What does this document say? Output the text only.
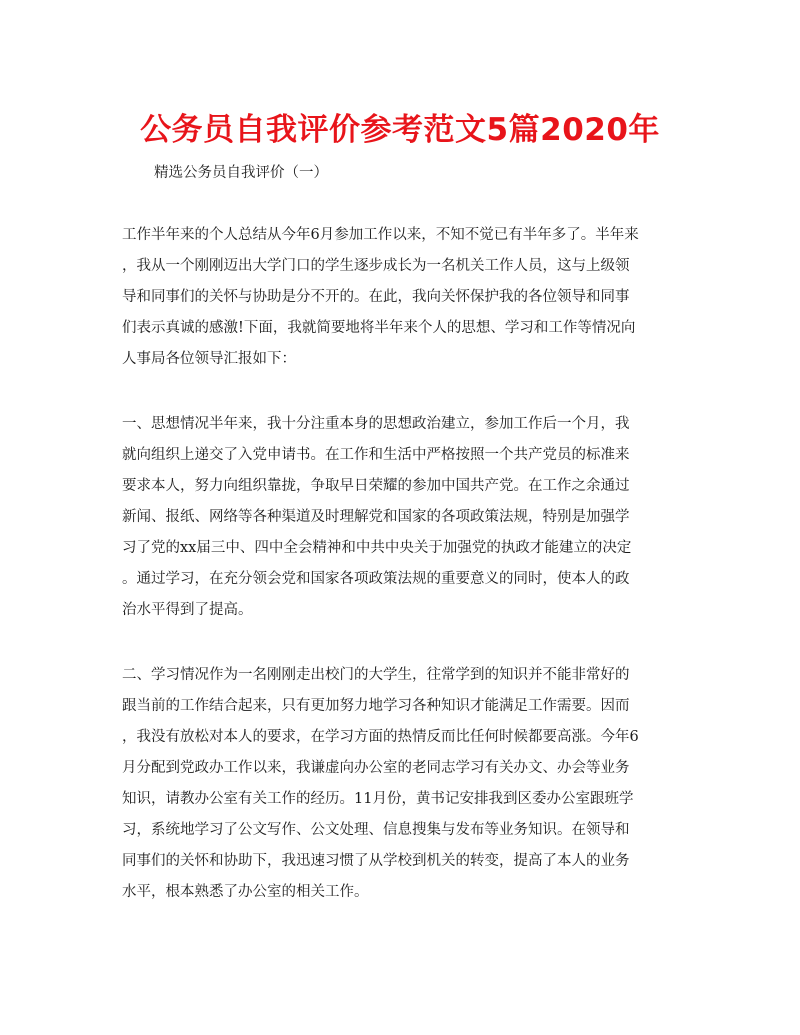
公务员自我评价参考范文5篇2020年
精选公务员自我评价（一）
工作半年来的个人总结从今年6月参加工作以来，不知不觉已有半年多了。半年来
，我从一个刚刚迈出大学门口的学生逐步成长为一名机关工作人员，这与上级领
导和同事们的关怀与协助是分不开的。在此，我向关怀保护我的各位领导和同事
们表示真诚的感激!下面，我就简要地将半年来个人的思想、学习和工作等情况向
人事局各位领导汇报如下：
一、思想情况半年来，我十分注重本身的思想政治建立，参加工作后一个月，我
就向组织上递交了入党申请书。在工作和生活中严格按照一个共产党员的标准来
要求本人，努力向组织靠拢，争取早日荣耀的参加中国共产党。在工作之余通过
新闻、报纸、网络等各种渠道及时理解党和国家的各项政策法规，特别是加强学
习了党的xx届三中、四中全会精神和中共中央关于加强党的执政才能建立的决定
。通过学习，在充分领会党和国家各项政策法规的重要意义的同时，使本人的政
治水平得到了提高。
二、学习情况作为一名刚刚走出校门的大学生，往常学到的知识并不能非常好的
跟当前的工作结合起来，只有更加努力地学习各种知识才能满足工作需要。因而
，我没有放松对本人的要求，在学习方面的热情反而比任何时候都要高涨。今年6
月分配到党政办工作以来，我谦虚向办公室的老同志学习有关办文、办会等业务
知识，请教办公室有关工作的经历。11月份，黄书记安排我到区委办公室跟班学
习，系统地学习了公文写作、公文处理、信息搜集与发布等业务知识。在领导和
同事们的关怀和协助下，我迅速习惯了从学校到机关的转变，提高了本人的业务
水平，根本熟悉了办公室的相关工作。
